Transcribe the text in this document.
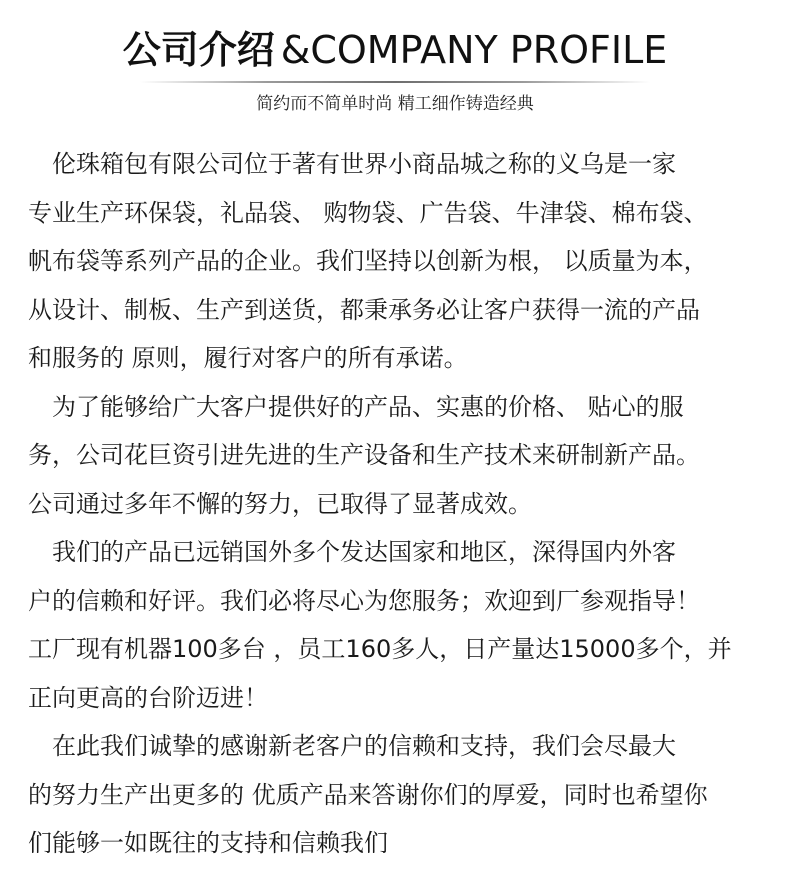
公司介绍 &COMPANY PROFILE
简约而不简单时尚 精工细作铸造经典
　伦珠箱包有限公司位于著有世界小商品城之称的义乌是一家
专业生产环保袋，礼品袋、 购物袋、广告袋、牛津袋、棉布袋、
帆布袋等系列产品的企业。我们坚持以创新为根， 以质量为本，
从设计、制板、生产到送货，都秉承务必让客户获得一流的产品
和服务的 原则，履行对客户的所有承诺。
　为了能够给广大客户提供好的产品、实惠的价格、 贴心的服
务，公司花巨资引进先进的生产设备和生产技术来研制新产品。
公司通过多年不懈的努力，已取得了显著成效。
　我们的产品已远销国外多个发达国家和地区，深得国内外客
户的信赖和好评。我们必将尽心为您服务；欢迎到厂参观指导！
工厂现有机器100多台 ，员工160多人，日产量达15000多个，并
正向更高的台阶迈进！
　在此我们诚挚的感谢新老客户的信赖和支持，我们会尽最大
的努力生产出更多的 优质产品来答谢你们的厚爱，同时也希望你
们能够一如既往的支持和信赖我们
